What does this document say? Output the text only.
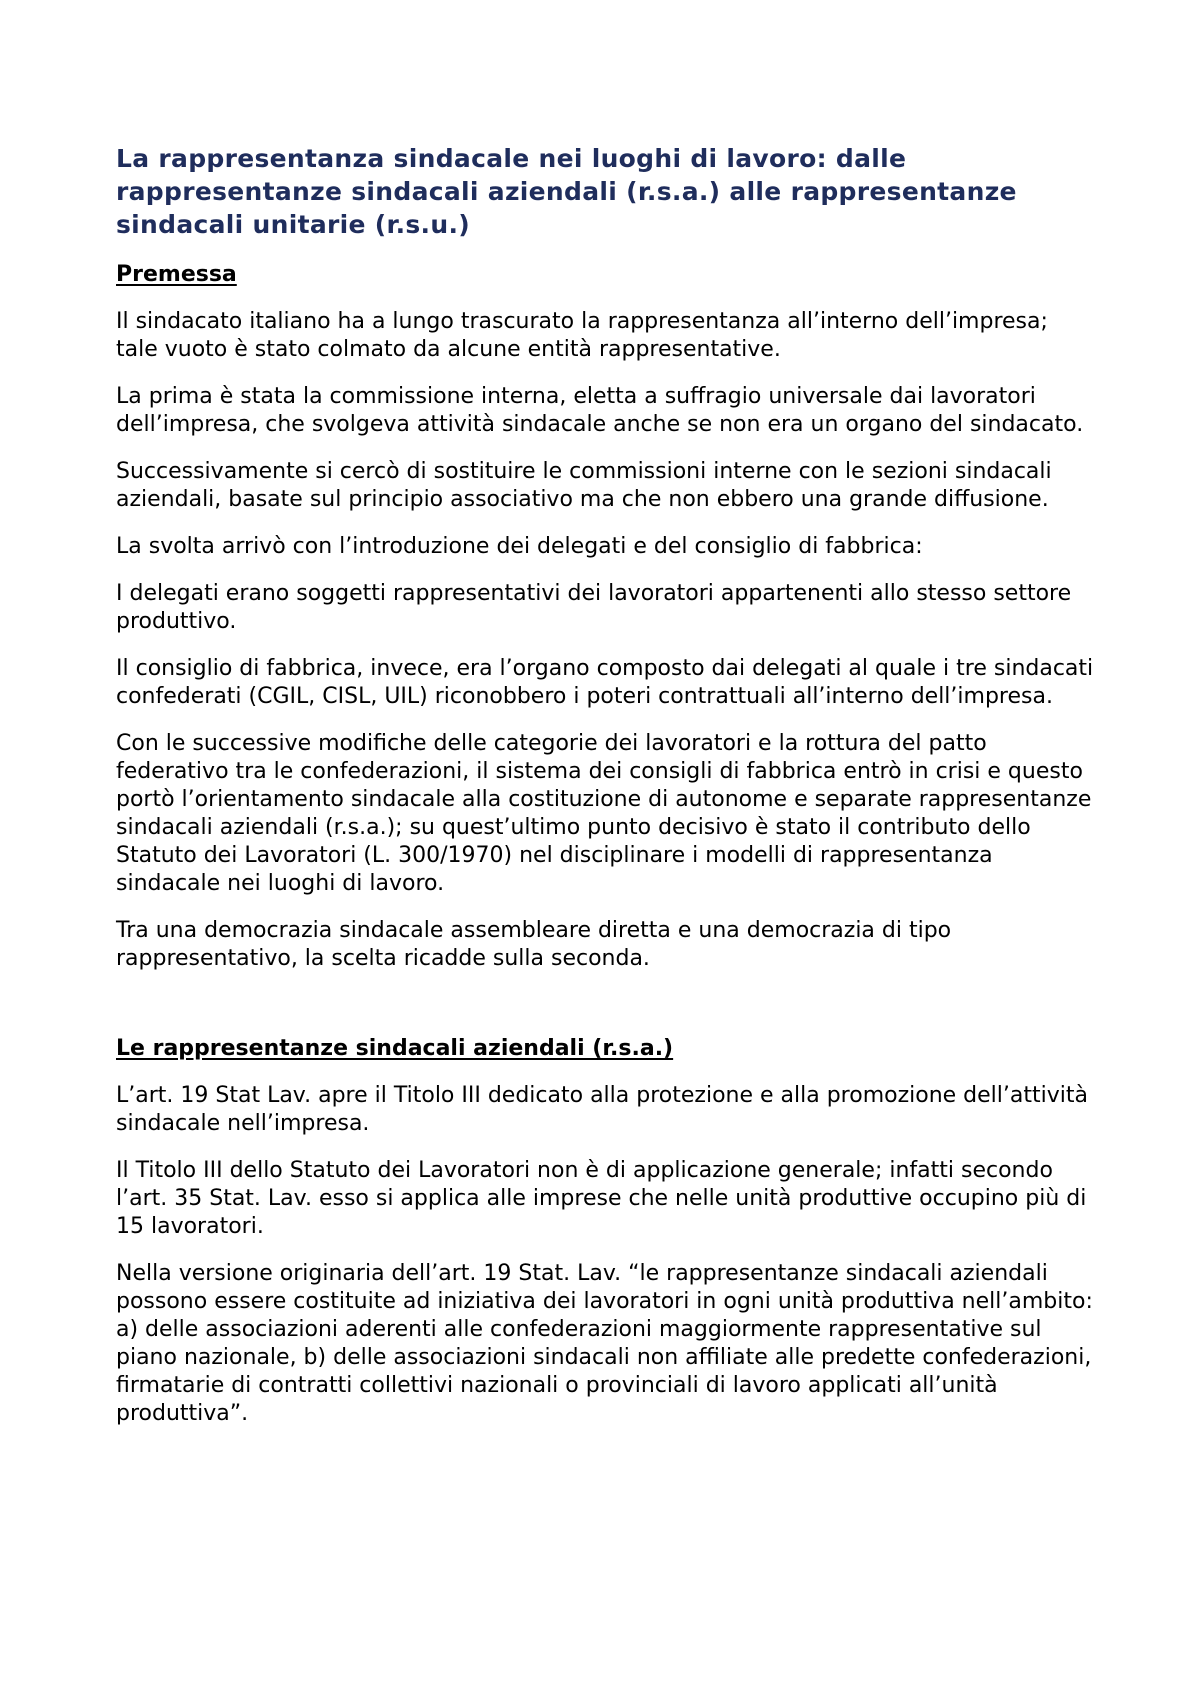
La rappresentanza sindacale nei luoghi di lavoro: dalle rappresentanze sindacali aziendali (r.s.a.) alle rappresentanze sindacali unitarie (r.s.u.)
Premessa

Il sindacato italiano ha a lungo trascurato la rappresentanza all’interno dell’impresa; tale vuoto è stato colmato da alcune entità rappresentative.

La prima è stata la commissione interna, eletta a suffragio universale dai lavoratori dell’impresa, che svolgeva attività sindacale anche se non era un organo del sindacato.

Successivamente si cercò di sostituire le commissioni interne con le sezioni sindacali aziendali, basate sul principio associativo ma che non ebbero una grande diffusione.

La svolta arrivò con l’introduzione dei delegati e del consiglio di fabbrica:

I delegati erano soggetti rappresentativi dei lavoratori appartenenti allo stesso settore produttivo.

Il consiglio di fabbrica, invece, era l’organo composto dai delegati al quale i tre sindacati confederati (CGIL, CISL, UIL) riconobbero i poteri contrattuali all’interno dell’impresa.

Con le successive modifiche delle categorie dei lavoratori e la rottura del patto federativo tra le confederazioni, il sistema dei consigli di fabbrica entrò in crisi e questo portò l’orientamento sindacale alla costituzione di autonome e separate rappresentanze sindacali aziendali (r.s.a.); su quest’ultimo punto decisivo è stato il contributo dello Statuto dei Lavoratori (L. 300/1970) nel disciplinare i modelli di rappresentanza sindacale nei luoghi di lavoro.

Tra una democrazia sindacale assembleare diretta e una democrazia di tipo rappresentativo, la scelta ricadde sulla seconda.

Le rappresentanze sindacali aziendali (r.s.a.)

L’art. 19 Stat Lav. apre il Titolo III dedicato alla protezione e alla promozione dell’attività sindacale nell’impresa.

Il Titolo III dello Statuto dei Lavoratori non è di applicazione generale; infatti secondo l’art. 35 Stat. Lav. esso si applica alle imprese che nelle unità produttive occupino più di 15 lavoratori.

Nella versione originaria dell’art. 19 Stat. Lav. “le rappresentanze sindacali aziendali possono essere costituite ad iniziativa dei lavoratori in ogni unità produttiva nell’ambito: a) delle associazioni aderenti alle confederazioni maggiormente rappresentative sul piano nazionale, b) delle associazioni sindacali non affiliate alle predette confederazioni, firmatarie di contratti collettivi nazionali o provinciali di lavoro applicati all’unità produttiva”.
